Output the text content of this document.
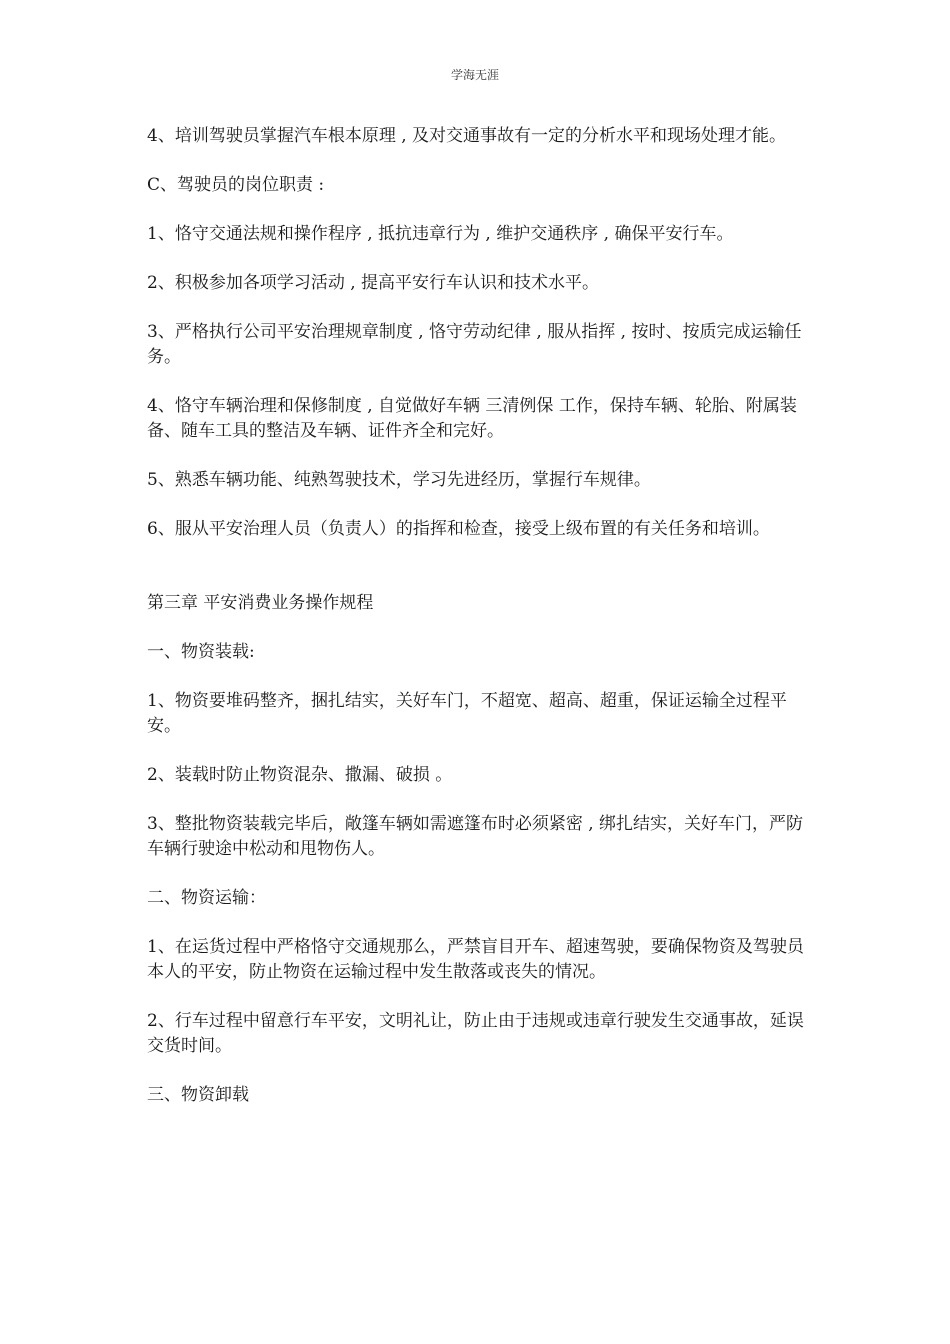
学海无涯

4、培训驾驶员掌握汽车根本原理 , 及对交通事故有一定的分析水平和现场处理才能。

C、驾驶员的岗位职责 :

1、恪守交通法规和操作程序 , 抵抗违章行为 , 维护交通秩序 , 确保平安行车。

2、积极参加各项学习活动 , 提高平安行车认识和技术水平。

3、严格执行公司平安治理规章制度 , 恪守劳动纪律 , 服从指挥 , 按时、按质完成运输任务。

4、恪守车辆治理和保修制度 , 自觉做好车辆 三清例保 工作，保持车辆、轮胎、附属装备、随车工具的整洁及车辆、证件齐全和完好。

5、熟悉车辆功能、纯熟驾驶技术，学习先进经历，掌握行车规律。

6、服从平安治理人员（负责人）的指挥和检查，接受上级布置的有关任务和培训。

第三章 平安消费业务操作规程

一、物资装载:

1、物资要堆码整齐，捆扎结实，关好车门，不超宽、超高、超重，保证运输全过程平安。

2、装载时防止物资混杂、撒漏、破损 。

3、整批物资装载完毕后，敞篷车辆如需遮篷布时必须紧密 , 绑扎结实，关好车门，严防车辆行驶途中松动和甩物伤人。

二、物资运输：

1、在运货过程中严格恪守交通规那么，严禁盲目开车、超速驾驶，要确保物资及驾驶员本人的平安，防止物资在运输过程中发生散落或丧失的情况。

2、行车过程中留意行车平安，文明礼让，防止由于违规或违章行驶发生交通事故，延误交货时间。

三、物资卸载
